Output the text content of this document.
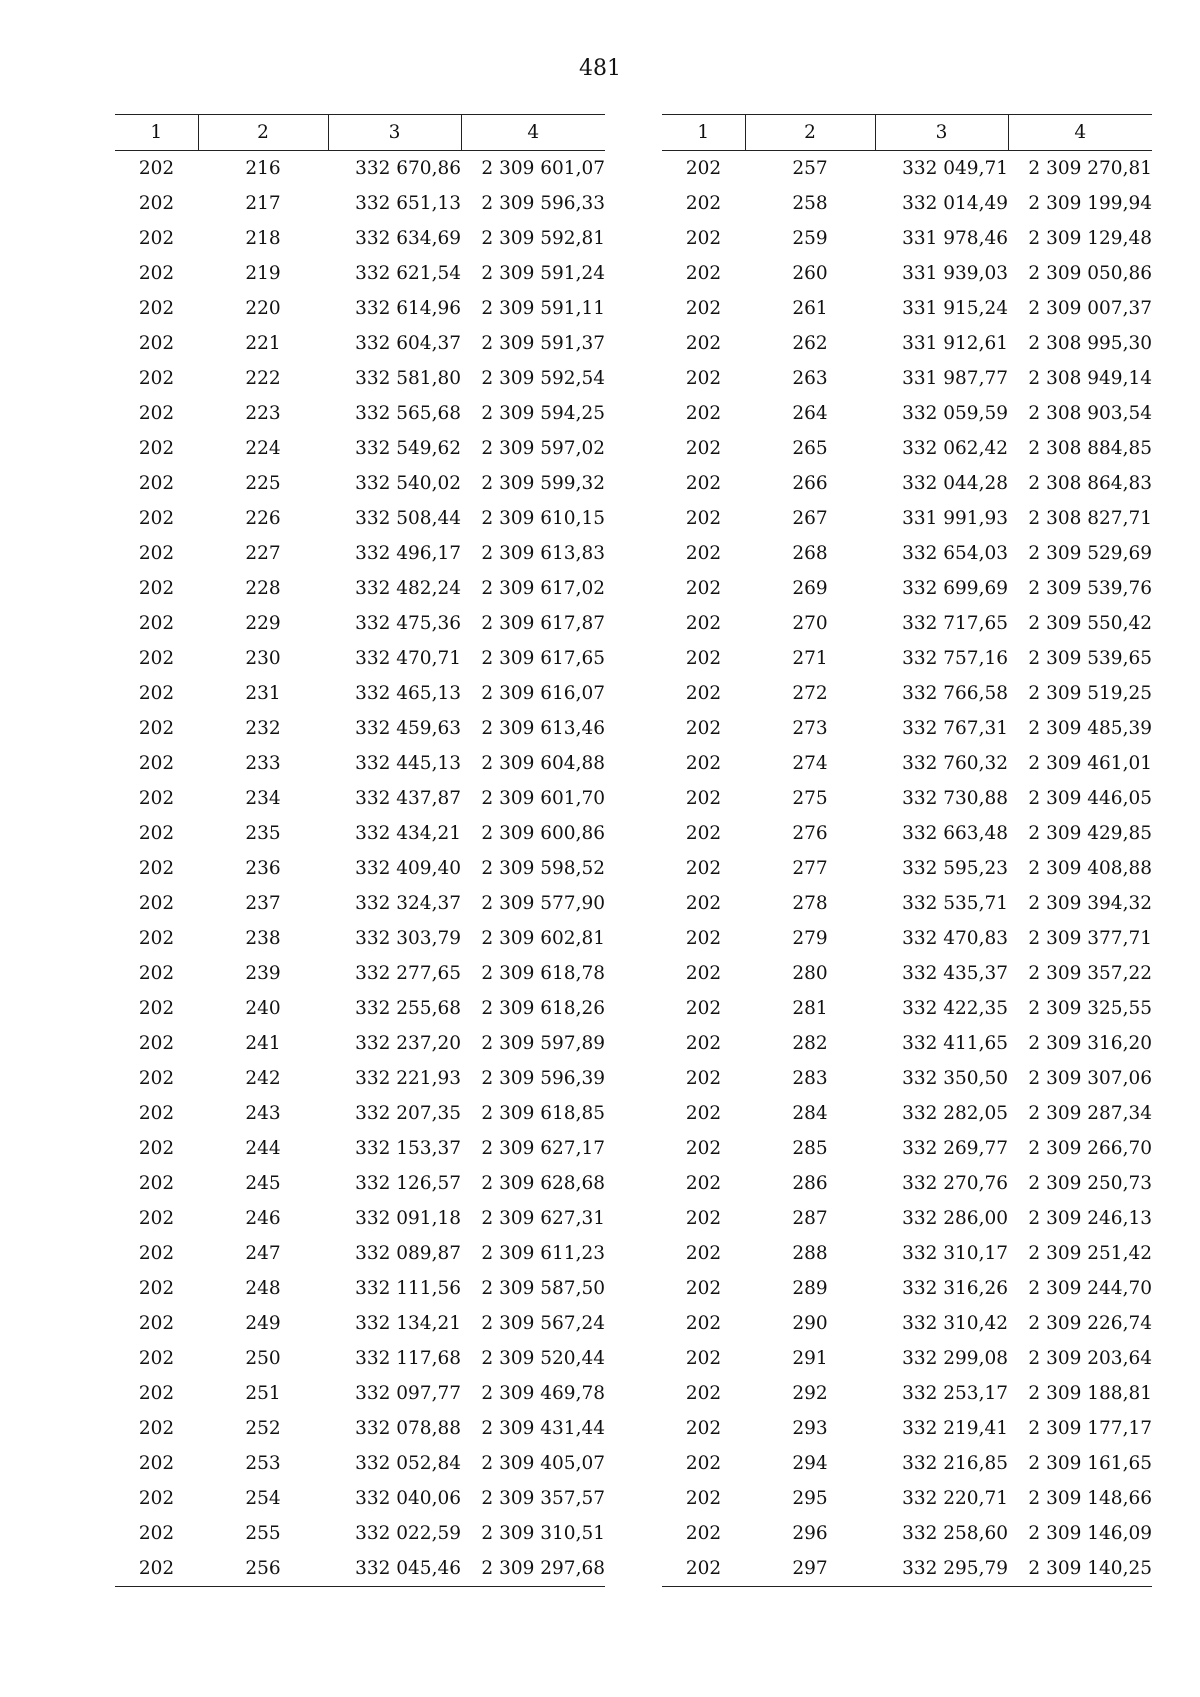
481
1	2	3	4
202	216	332 670,86	2 309 601,07
202	217	332 651,13	2 309 596,33
202	218	332 634,69	2 309 592,81
202	219	332 621,54	2 309 591,24
202	220	332 614,96	2 309 591,11
202	221	332 604,37	2 309 591,37
202	222	332 581,80	2 309 592,54
202	223	332 565,68	2 309 594,25
202	224	332 549,62	2 309 597,02
202	225	332 540,02	2 309 599,32
202	226	332 508,44	2 309 610,15
202	227	332 496,17	2 309 613,83
202	228	332 482,24	2 309 617,02
202	229	332 475,36	2 309 617,87
202	230	332 470,71	2 309 617,65
202	231	332 465,13	2 309 616,07
202	232	332 459,63	2 309 613,46
202	233	332 445,13	2 309 604,88
202	234	332 437,87	2 309 601,70
202	235	332 434,21	2 309 600,86
202	236	332 409,40	2 309 598,52
202	237	332 324,37	2 309 577,90
202	238	332 303,79	2 309 602,81
202	239	332 277,65	2 309 618,78
202	240	332 255,68	2 309 618,26
202	241	332 237,20	2 309 597,89
202	242	332 221,93	2 309 596,39
202	243	332 207,35	2 309 618,85
202	244	332 153,37	2 309 627,17
202	245	332 126,57	2 309 628,68
202	246	332 091,18	2 309 627,31
202	247	332 089,87	2 309 611,23
202	248	332 111,56	2 309 587,50
202	249	332 134,21	2 309 567,24
202	250	332 117,68	2 309 520,44
202	251	332 097,77	2 309 469,78
202	252	332 078,88	2 309 431,44
202	253	332 052,84	2 309 405,07
202	254	332 040,06	2 309 357,57
202	255	332 022,59	2 309 310,51
202	256	332 045,46	2 309 297,68
1	2	3	4
202	257	332 049,71	2 309 270,81
202	258	332 014,49	2 309 199,94
202	259	331 978,46	2 309 129,48
202	260	331 939,03	2 309 050,86
202	261	331 915,24	2 309 007,37
202	262	331 912,61	2 308 995,30
202	263	331 987,77	2 308 949,14
202	264	332 059,59	2 308 903,54
202	265	332 062,42	2 308 884,85
202	266	332 044,28	2 308 864,83
202	267	331 991,93	2 308 827,71
202	268	332 654,03	2 309 529,69
202	269	332 699,69	2 309 539,76
202	270	332 717,65	2 309 550,42
202	271	332 757,16	2 309 539,65
202	272	332 766,58	2 309 519,25
202	273	332 767,31	2 309 485,39
202	274	332 760,32	2 309 461,01
202	275	332 730,88	2 309 446,05
202	276	332 663,48	2 309 429,85
202	277	332 595,23	2 309 408,88
202	278	332 535,71	2 309 394,32
202	279	332 470,83	2 309 377,71
202	280	332 435,37	2 309 357,22
202	281	332 422,35	2 309 325,55
202	282	332 411,65	2 309 316,20
202	283	332 350,50	2 309 307,06
202	284	332 282,05	2 309 287,34
202	285	332 269,77	2 309 266,70
202	286	332 270,76	2 309 250,73
202	287	332 286,00	2 309 246,13
202	288	332 310,17	2 309 251,42
202	289	332 316,26	2 309 244,70
202	290	332 310,42	2 309 226,74
202	291	332 299,08	2 309 203,64
202	292	332 253,17	2 309 188,81
202	293	332 219,41	2 309 177,17
202	294	332 216,85	2 309 161,65
202	295	332 220,71	2 309 148,66
202	296	332 258,60	2 309 146,09
202	297	332 295,79	2 309 140,25
